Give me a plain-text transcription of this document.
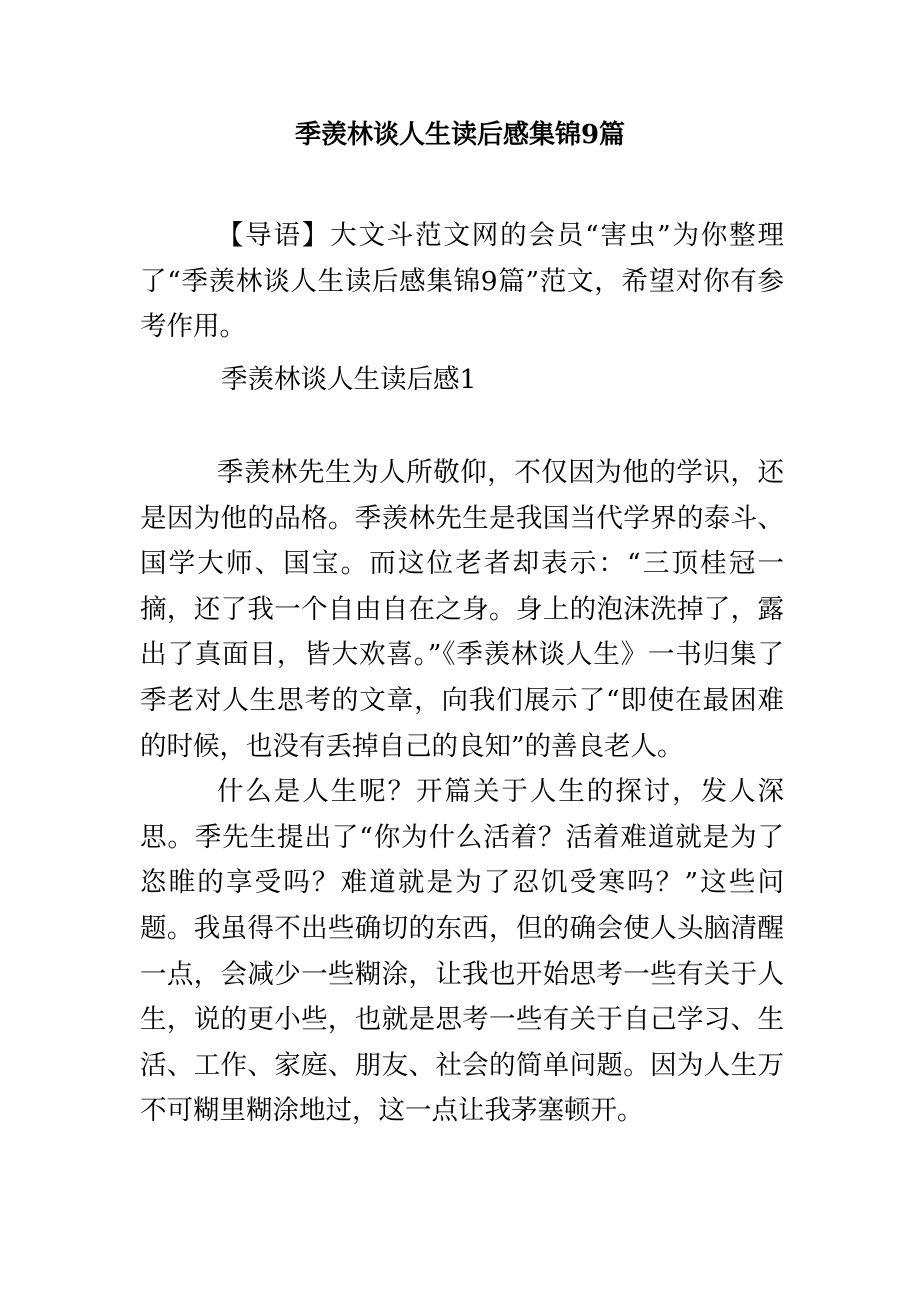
季羡林谈人生读后感集锦9篇

【导语】大文斗范文网的会员“害虫”为你整理了“季羡林谈人生读后感集锦9篇”范文，希望对你有参考作用。

季羡林谈人生读后感1

季羡林先生为人所敬仰，不仅因为他的学识，还是因为他的品格。季羡林先生是我国当代学界的泰斗、国学大师、国宝。而这位老者却表示：“三顶桂冠一摘，还了我一个自由自在之身。身上的泡沫洗掉了，露出了真面目，皆大欢喜。”《季羡林谈人生》一书归集了季老对人生思考的文章，向我们展示了“即使在最困难的时候，也没有丢掉自己的良知”的善良老人。

什么是人生呢？开篇关于人生的探讨，发人深思。季先生提出了“你为什么活着？活着难道就是为了恣睢的享受吗？难道就是为了忍饥受寒吗？”这些问题。我虽得不出些确切的东西，但的确会使人头脑清醒一点，会减少一些糊涂，让我也开始思考一些有关于人生，说的更小些，也就是思考一些有关于自己学习、生活、工作、家庭、朋友、社会的简单问题。因为人生万不可糊里糊涂地过，这一点让我茅塞顿开。
